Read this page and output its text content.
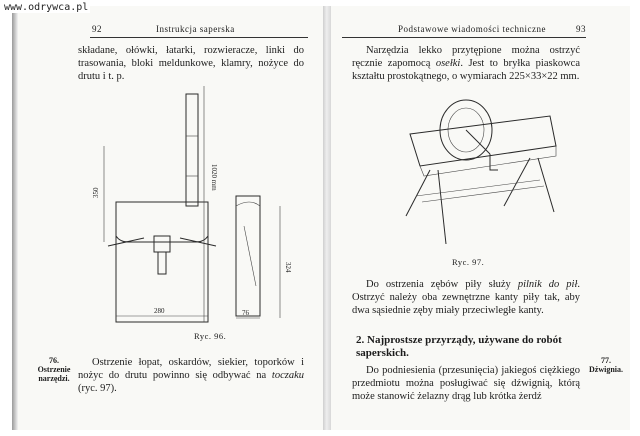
www.odrywca.pl
92	Instrukcja saperska

składane, ołówki, łatarki, rozwieracze, linki do trasowania, bloki meldunkowe, klamry, nożyce do drutu i t. p.

350
1020 mm
324
280	76
Ryc. 96.
76.
Ostrzenie narzędzi.

Ostrzenie łopat, oskardów, siekier, toporków i nożyc do drutu powinno się odbywać na toczaku (ryc. 97).

Podstawowe wiadomości techniczne	93

Narzędzia lekko przytępione można ostrzyć ręcznie zapomocą osełki. Jest to bryłka piaskowca kształtu prostokątnego, o wymiarach 225×33×22 mm.

Ryc. 97.

Do ostrzenia zębów piły służy pilnik do pił. Ostrzyć należy oba zewnętrzne kanty piły tak, aby dwa sąsiednie zęby miały przeciwległe kanty.

2. Najprostsze przyrządy, używane do robót saperskich.

Do podniesienia (przesunięcia) jakiegoś ciężkiego przedmiotu można posługiwać się dźwignią, którą może stanowić żelazny drąg lub krótka żerdź

77.
Dźwignia.
